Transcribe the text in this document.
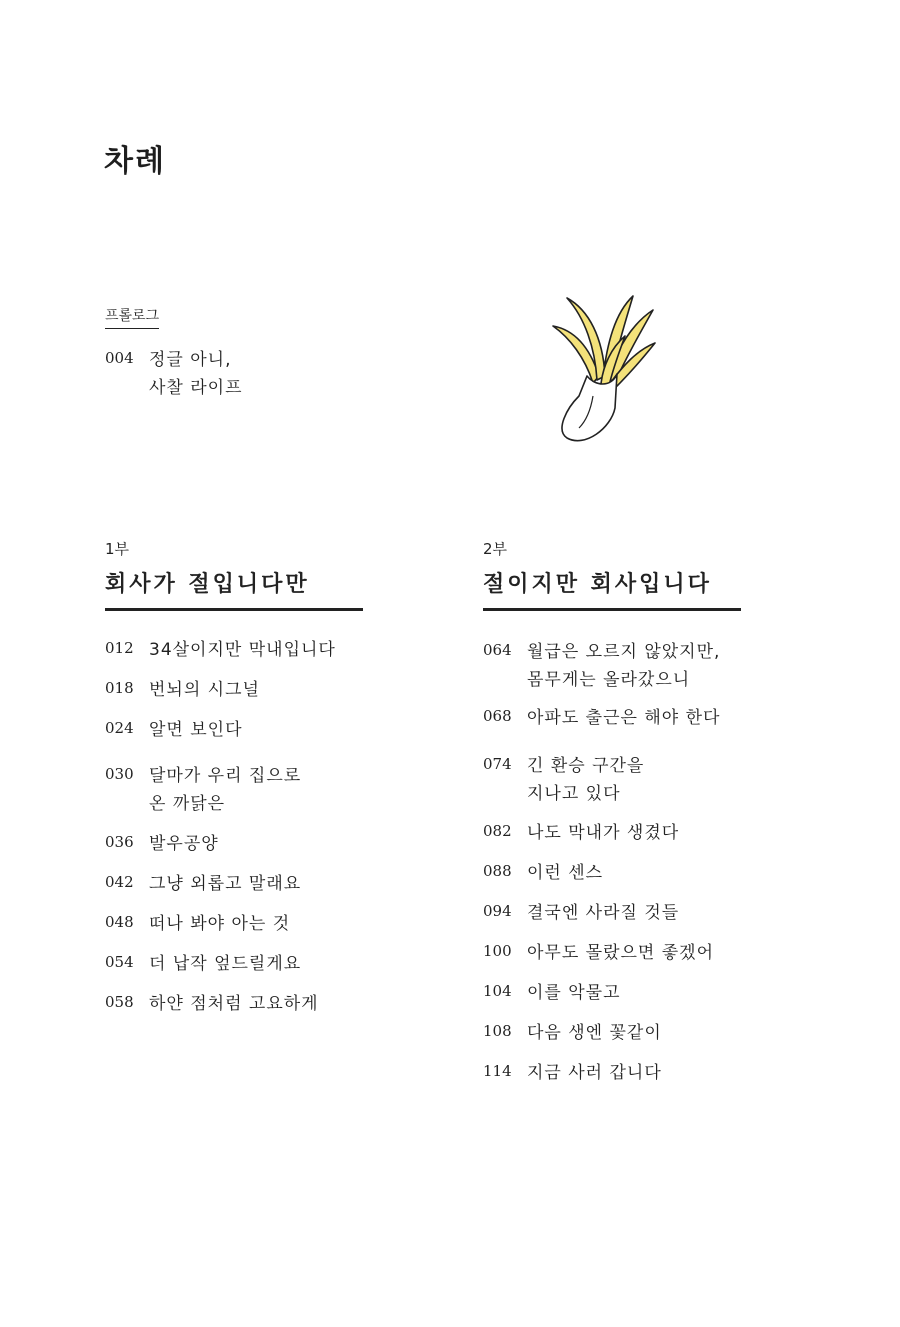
차례
프롤로그
004 정글 아니,
사찰 라이프
1부
회사가 절입니다만
2부
절이지만 회사입니다
012 34살이지만 막내입니다
018 번뇌의 시그널
024 알면 보인다
030 달마가 우리 집으로
온 까닭은
036 발우공양
042 그냥 외롭고 말래요
048 떠나 봐야 아는 것
054 더 납작 엎드릴게요
058 하얀 점처럼 고요하게
064 월급은 오르지 않았지만,
몸무게는 올라갔으니
068 아파도 출근은 해야 한다
074 긴 환승 구간을
지나고 있다
082 나도 막내가 생겼다
088 이런 센스
094 결국엔 사라질 것들
100 아무도 몰랐으면 좋겠어
104 이를 악물고
108 다음 생엔 꽃같이
114 지금 사러 갑니다
